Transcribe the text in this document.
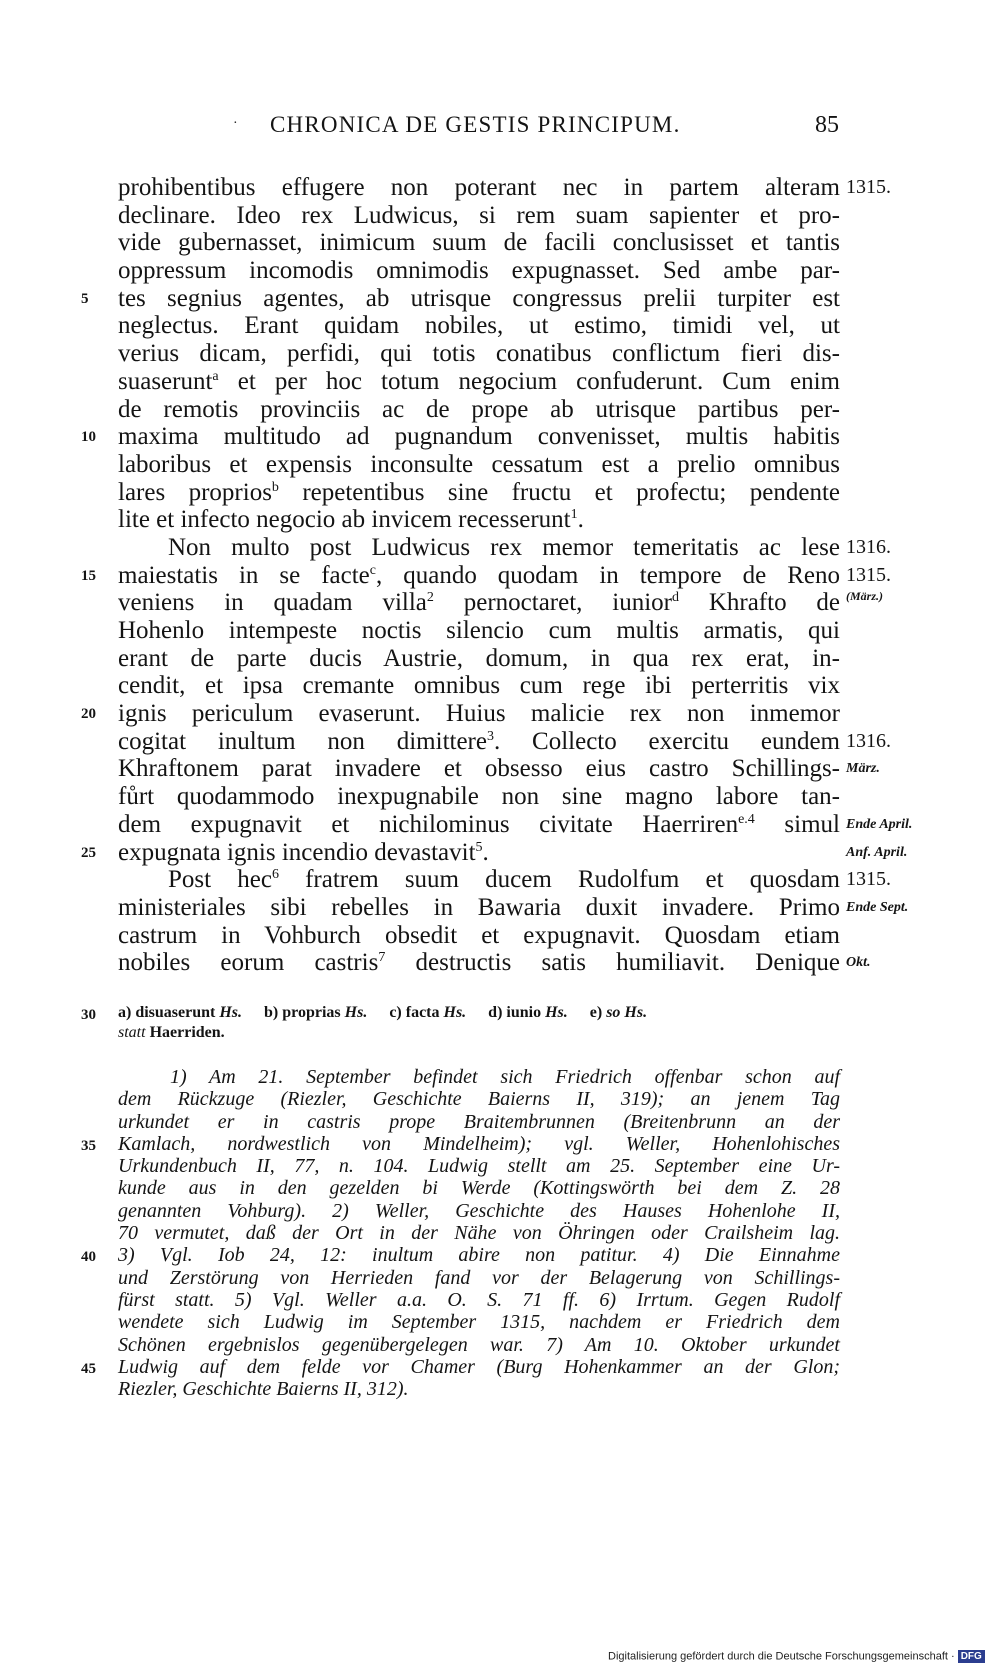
· CHRONICA DE GESTIS PRINCIPUM.	85
prohibentibus effugere non poterant nec in partem alteram 1315.
declinare. Ideo rex Ludwicus, si rem suam sapienter et pro-
vide gubernasset, inimicum suum de facili conclusisset et tantis
oppressum incomodis omnimodis expugnasset. Sed ambe par-
5 tes segnius agentes, ab utrisque congressus prelii turpiter est
neglectus. Erant quidam nobiles, ut estimo, timidi vel, ut
verius dicam, perfidi, qui totis conatibus conflictum fieri dis-
suaserunt$^a$ et per hoc totum negocium confuderunt. Cum enim
de remotis provinciis ac de prope ab utrisque partibus per-
10 maxima multitudo ad pugnandum convenisset, multis habitis
laboribus et expensis inconsulte cessatum est a prelio omnibus
lares proprios$^b$ repetentibus sine fructu et profectu; pendente
lite et infecto negocio ab invicem recesserunt$^1$.
Non multo post Ludwicus rex memor temeritatis ac lese 1316.
15 maiestatis in se facte$^c$, quando quodam in tempore de Reno 1315.
veniens in quadam villa$^2$ pernoctaret, iunior$^d$ Khrafto de (März.)
Hohenlo intempeste noctis silencio cum multis armatis, qui
erant de parte ducis Austrie, domum, in qua rex erat, in-
cendit, et ipsa cremante omnibus cum rege ibi perterritis vix
20 ignis periculum evaserunt. Huius malicie rex non inmemor
cogitat inultum non dimittere$^3$. Collecto exercitu eundem 1316.
Khraftonem parat invadere et obsesso eius castro Schillings- März.
fůrt quodammodo inexpugnabile non sine magno labore tan-
dem expugnavit et nichilominus civitate Haerriren$^{e.4}$ simul Ende April.
25 expugnata ignis incendio devastavit$^5$.	Anf. April.
Post hec$^6$ fratrem suum ducem Rudolfum et quosdam 1315.
ministeriales sibi rebelles in Bawaria duxit invadere. Primo Ende Sept.
castrum in Vohburch obsedit et expugnavit. Quosdam etiam
nobiles eorum castris$^7$ destructis satis humiliavit. Denique Okt.
30 a) disuaserunt Hs. b) proprias Hs. c) facta Hs. d) iunio Hs. e) so Hs.
statt Haerriden.
1) Am 21. September befindet sich Friedrich offenbar schon auf
dem Rückzuge (Riezler, Geschichte Baierns II, 319); an jenem Tag
urkundet er in castris prope Braitembrunnen (Breitenbrunn an der
35 Kamlach, nordwestlich von Mindelheim); vgl. Weller, Hohenlohisches
Urkundenbuch II, 77, n. 104. Ludwig stellt am 25. September eine Ur-
kunde aus in den gezelden bi Werde (Kottingswörth bei dem Z. 28
genannten Vohburg). 2) Weller, Geschichte des Hauses Hohenlohe II,
70 vermutet, daß der Ort in der Nähe von Öhringen oder Crailsheim lag.
40 3) Vgl. Iob 24, 12: inultum abire non patitur. 4) Die Einnahme
und Zerstörung von Herrieden fand vor der Belagerung von Schillings-
fürst statt. 5) Vgl. Weller a.a. O. S. 71 ff. 6) Irrtum. Gegen Rudolf
wendete sich Ludwig im September 1315, nachdem er Friedrich dem
Schönen ergebnislos gegenübergelegen war. 7) Am 10. Oktober urkundet
45 Ludwig auf dem felde vor Chamer (Burg Hohenkammer an der Glon;
Riezler, Geschichte Baierns II, 312).
Digitalisierung gefördert durch die Deutsche Forschungsgemeinschaft · DFG
